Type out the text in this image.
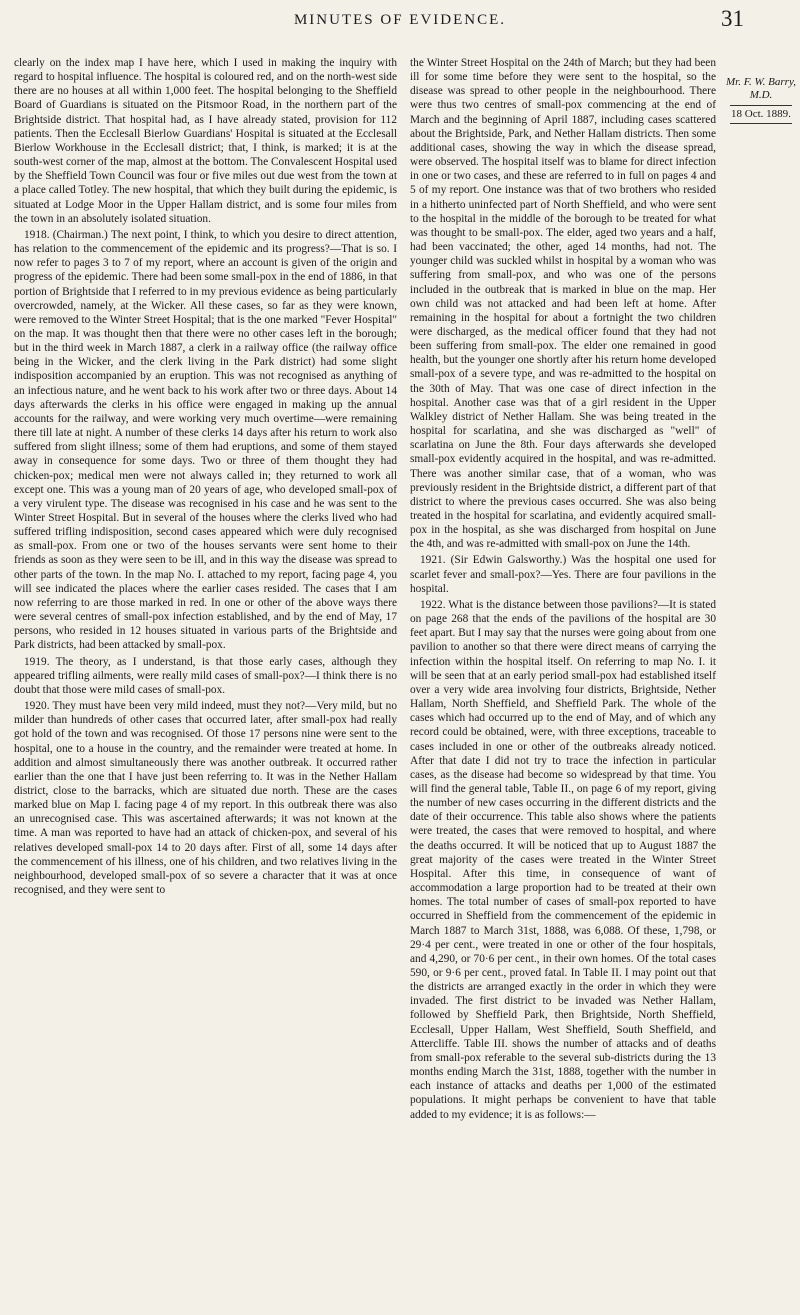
MINUTES OF EVIDENCE.	31

clearly on the index map I have here, which I used in making the inquiry with regard to hospital influence. The hospital is coloured red, and on the north-west side there are no houses at all within 1,000 feet. The hospital belonging to the Sheffield Board of Guardians is situated on the Pitsmoor Road, in the northern part of the Brightside district. That hospital had, as I have already stated, provision for 112 patients. Then the Ecclesall Bierlow Guardians' Hospital is situated at the Ecclesall Bierlow Workhouse in the Ecclesall district; that, I think, is marked; it is at the south-west corner of the map, almost at the bottom. The Convalescent Hospital used by the Sheffield Town Council was four or five miles out due west from the town at a place called Totley. The new hospital, that which they built during the epidemic, is situated at Lodge Moor in the Upper Hallam district, and is some four miles from the town in an absolutely isolated situation.

1918. (Chairman.) The next point, I think, to which you desire to direct attention, has relation to the commencement of the epidemic and its progress?—That is so. I now refer to pages 3 to 7 of my report, where an account is given of the origin and progress of the epidemic. There had been some small-pox in the end of 1886, in that portion of Brightside that I referred to in my previous evidence as being particularly overcrowded, namely, at the Wicker. All these cases, so far as they were known, were removed to the Winter Street Hospital; that is the one marked "Fever Hospital" on the map. It was thought then that there were no other cases left in the borough; but in the third week in March 1887, a clerk in a railway office (the railway office being in the Wicker, and the clerk living in the Park district) had some slight indisposition accompanied by an eruption. This was not recognised as anything of an infectious nature, and he went back to his work after two or three days. About 14 days afterwards the clerks in his office were engaged in making up the annual accounts for the railway, and were working very much overtime—were remaining there till late at night. A number of these clerks 14 days after his return to work also suffered from slight illness; some of them had eruptions, and some of them stayed away in consequence for some days. Two or three of them thought they had chicken-pox; medical men were not always called in; they returned to work all except one. This was a young man of 20 years of age, who developed small-pox of a very virulent type. The disease was recognised in his case and he was sent to the Winter Street Hospital. But in several of the houses where the clerks lived who had suffered trifling indisposition, second cases appeared which were duly recognised as small-pox. From one or two of the houses servants were sent home to their friends as soon as they were seen to be ill, and in this way the disease was spread to other parts of the town. In the map No. I. attached to my report, facing page 4, you will see indicated the places where the earlier cases resided. The cases that I am now referring to are those marked in red. In one or other of the above ways there were several centres of small-pox infection established, and by the end of May, 17 persons, who resided in 12 houses situated in various parts of the Brightside and Park districts, had been attacked by small-pox.

1919. The theory, as I understand, is that those early cases, although they appeared trifling ailments, were really mild cases of small-pox?—I think there is no doubt that those were mild cases of small-pox.

1920. They must have been very mild indeed, must they not?—Very mild, but no milder than hundreds of other cases that occurred later, after small-pox had really got hold of the town and was recognised. Of those 17 persons nine were sent to the hospital, one to a house in the country, and the remainder were treated at home. In addition and almost simultaneously there was another outbreak. It occurred rather earlier than the one that I have just been referring to. It was in the Nether Hallam district, close to the barracks, which are situated due north. These are the cases marked blue on Map I. facing page 4 of my report. In this outbreak there was also an unrecognised case. This was ascertained afterwards; it was not known at the time. A man was reported to have had an attack of chicken-pox, and several of his relatives developed small-pox 14 to 20 days after. First of all, some 14 days after the commencement of his illness, one of his children, and two relatives living in the neighbourhood, developed small-pox of so severe a character that it was at once recognised, and they were sent to

the Winter Street Hospital on the 24th of March; but they had been ill for some time before they were sent to the hospital, so the disease was spread to other people in the neighbourhood. There were thus two centres of small-pox commencing at the end of March and the beginning of April 1887, including cases scattered about the Brightside, Park, and Nether Hallam districts. Then some additional cases, showing the way in which the disease spread, were observed. The hospital itself was to blame for direct infection in one or two cases, and these are referred to in full on pages 4 and 5 of my report. One instance was that of two brothers who resided in a hitherto uninfected part of North Sheffield, and who were sent to the hospital in the middle of the borough to be treated for what was thought to be small-pox. The elder, aged two years and a half, had been vaccinated; the other, aged 14 months, had not. The younger child was suckled whilst in hospital by a woman who was suffering from small-pox, and who was one of the persons included in the outbreak that is marked in blue on the map. Her own child was not attacked and had been left at home. After remaining in the hospital for about a fortnight the two children were discharged, as the medical officer found that they had not been suffering from small-pox. The elder one remained in good health, but the younger one shortly after his return home developed small-pox of a severe type, and was re-admitted to the hospital on the 30th of May. That was one case of direct infection in the hospital. Another case was that of a girl resident in the Upper Walkley district of Nether Hallam. She was being treated in the hospital for scarlatina, and she was discharged as "well" of scarlatina on June the 8th. Four days afterwards she developed small-pox evidently acquired in the hospital, and was re-admitted. There was another similar case, that of a woman, who was previously resident in the Brightside district, a different part of that district to where the previous cases occurred. She was also being treated in the hospital for scarlatina, and evidently acquired small-pox in the hospital, as she was discharged from hospital on June the 4th, and was re-admitted with small-pox on June the 14th.

1921. (Sir Edwin Galsworthy.) Was the hospital one used for scarlet fever and small-pox?—Yes. There are four pavilions in the hospital.

1922. What is the distance between those pavilions?—It is stated on page 268 that the ends of the pavilions of the hospital are 30 feet apart. But I may say that the nurses were going about from one pavilion to another so that there were direct means of carrying the infection within the hospital itself. On referring to map No. I. it will be seen that at an early period small-pox had established itself over a very wide area involving four districts, Brightside, Nether Hallam, North Sheffield, and Sheffield Park. The whole of the cases which had occurred up to the end of May, and of which any record could be obtained, were, with three exceptions, traceable to cases included in one or other of the outbreaks already noticed. After that date I did not try to trace the infection in particular cases, as the disease had become so widespread by that time. You will find the general table, Table II., on page 6 of my report, giving the number of new cases occurring in the different districts and the date of their occurrence. This table also shows where the patients were treated, the cases that were removed to hospital, and where the deaths occurred. It will be noticed that up to August 1887 the great majority of the cases were treated in the Winter Street Hospital. After this time, in consequence of want of accommodation a large proportion had to be treated at their own homes. The total number of cases of small-pox reported to have occurred in Sheffield from the commencement of the epidemic in March 1887 to March 31st, 1888, was 6,088. Of these, 1,798, or 29·4 per cent., were treated in one or other of the four hospitals, and 4,290, or 70·6 per cent., in their own homes. Of the total cases 590, or 9·6 per cent., proved fatal. In Table II. I may point out that the districts are arranged exactly in the order in which they were invaded. The first district to be invaded was Nether Hallam, followed by Sheffield Park, then Brightside, North Sheffield, Ecclesall, Upper Hallam, West Sheffield, South Sheffield, and Attercliffe. Table III. shows the number of attacks and of deaths from small-pox referable to the several sub-districts during the 13 months ending March the 31st, 1888, together with the number in each instance of attacks and deaths per 1,000 of the estimated populations. It might perhaps be convenient to have that table added to my evidence; it is as follows:—

Mr. F. W. Barry, M.D.
18 Oct. 1889.
